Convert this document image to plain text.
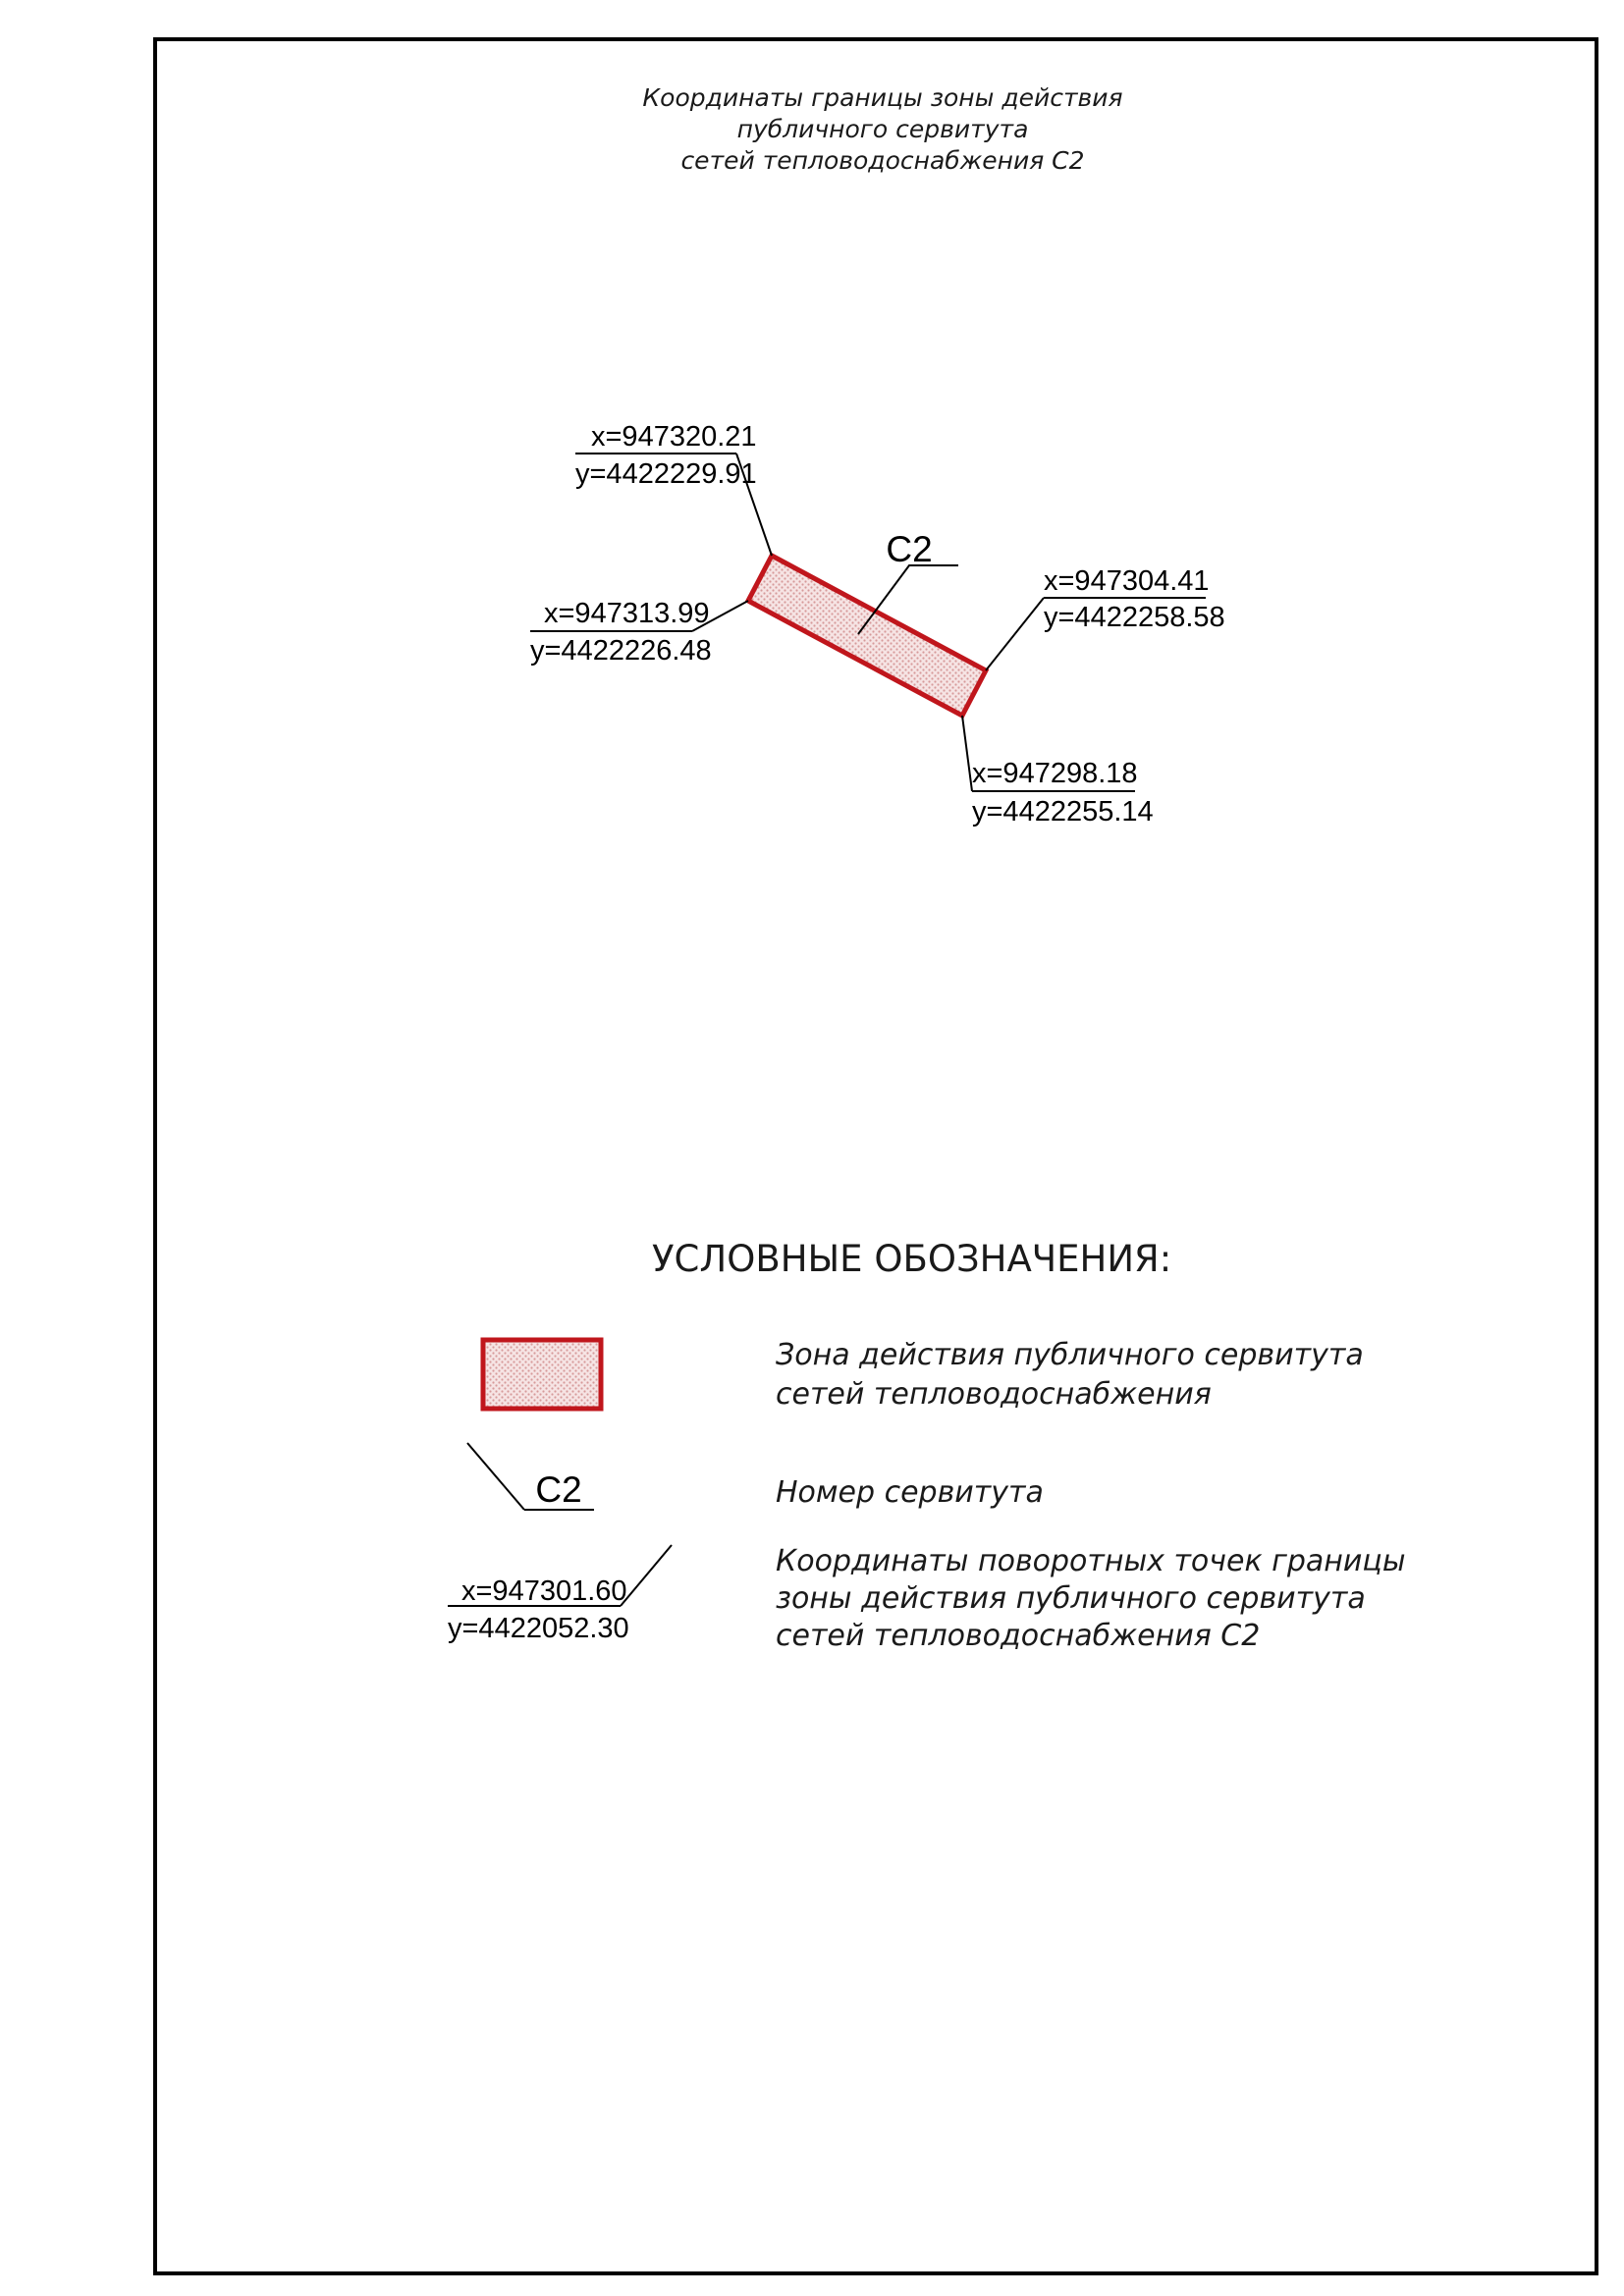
Координаты границы зоны действия
публичного сервитута
сетей тепловодоснабжения С2
С2
x=947320.21
y=4422229.91
x=947304.41
y=4422258.58
x=947313.99
y=4422226.48
x=947298.18
y=4422255.14
УСЛОВНЫЕ ОБОЗНАЧЕНИЯ:
Зона действия публичного сервитута
сетей тепловодоснабжения
С2	Номер сервитута
x=947301.60
y=4422052.30
Координаты поворотных точек границы
зоны действия публичного сервитута
сетей тепловодоснабжения С2
